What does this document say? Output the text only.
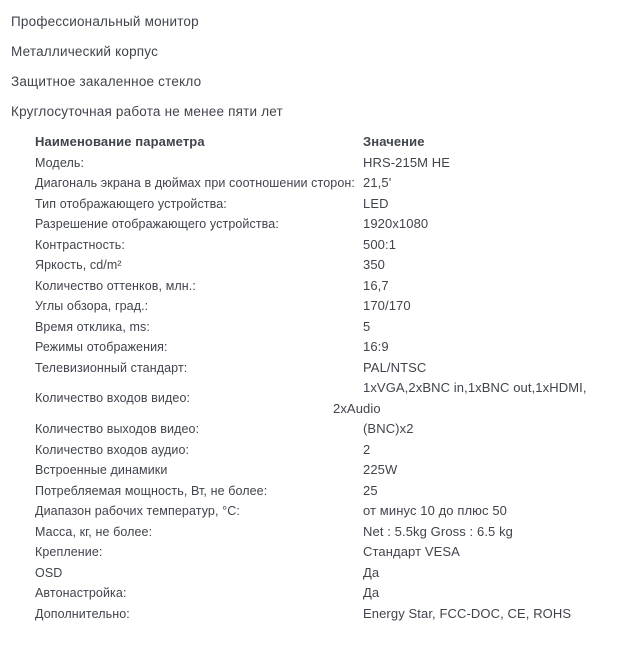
Профессиональный монитор

Металлический корпус

Защитное закаленное стекло

Круглосуточная работа не менее пяти лет

Наименование параметра	Значение
Модель:	HRS-215M HE
Диагональ экрана в дюймах при соотношении сторон:	21,5'
Тип отображающего устройства:	LED
Разрешение отображающего устройства:	1920x1080
Контрастность:	500:1
Яркость, cd/m²	350
Количество оттенков, млн.:	16,7
Углы обзора, град.:	170/170
Время отклика, ms:	5
Режимы отображения:	16:9
Телевизионный стандарт:	PAL/NTSC
Количество входов видео:	1xVGA,2xBNC in,1xBNC out,1xHDMI, 2xAudio
Количество выходов видео:	(BNC)x2
Количество входов аудио:	2
Встроенные динамики	225W
Потребляемая мощность, Вт, не более:	25
Диапазон рабочих температур, °С:	от минус 10 до плюс 50
Масса, кг, не более:	Net : 5.5kg Gross : 6.5 kg
Крепление:	Стандарт VESA
OSD	Да
Автонастройка:	Да
Дополнительно:	Energy Star, FCC-DOC, CE, ROHS
